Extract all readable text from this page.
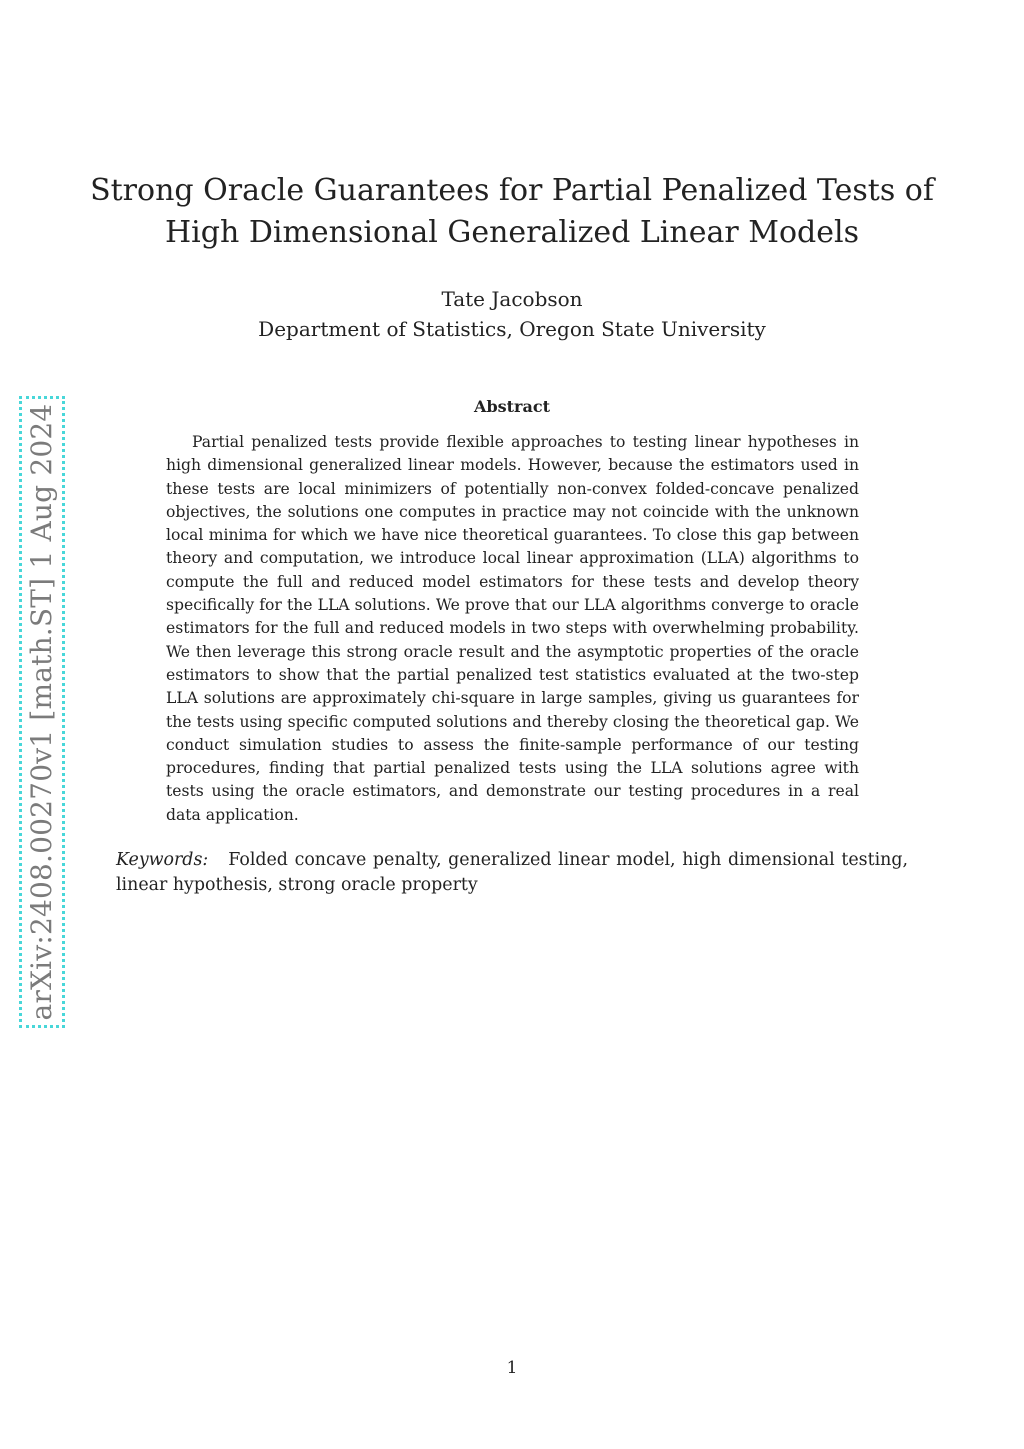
arXiv:2408.00270v1 [math.ST] 1 Aug 2024
Strong Oracle Guarantees for Partial Penalized Tests of
High Dimensional Generalized Linear Models
Tate Jacobson
Department of Statistics, Oregon State University
Abstract
Partial penalized tests provide flexible approaches to testing linear hypotheses in high dimensional generalized linear models. However, because the estimators used in these tests are local minimizers of potentially non-convex folded-concave penalized objectives, the solutions one computes in practice may not coincide with the unknown local minima for which we have nice theoretical guarantees. To close this gap between theory and computation, we introduce local linear approximation (LLA) algorithms to compute the full and reduced model estimators for these tests and develop theory specifically for the LLA solutions. We prove that our LLA algorithms converge to oracle estimators for the full and reduced models in two steps with overwhelming probability. We then leverage this strong oracle result and the asymptotic properties of the oracle estimators to show that the partial penalized test statistics evaluated at the two-step LLA solutions are approximately chi-square in large samples, giving us guarantees for the tests using specific computed solutions and thereby closing the theoretical gap. We conduct simulation studies to assess the finite-sample performance of our testing procedures, finding that partial penalized tests using the LLA solutions agree with tests using the oracle estimators, and demonstrate our testing procedures in a real data application.
Keywords:   Folded concave penalty, generalized linear model, high dimensional testing, linear hypothesis, strong oracle property
1
